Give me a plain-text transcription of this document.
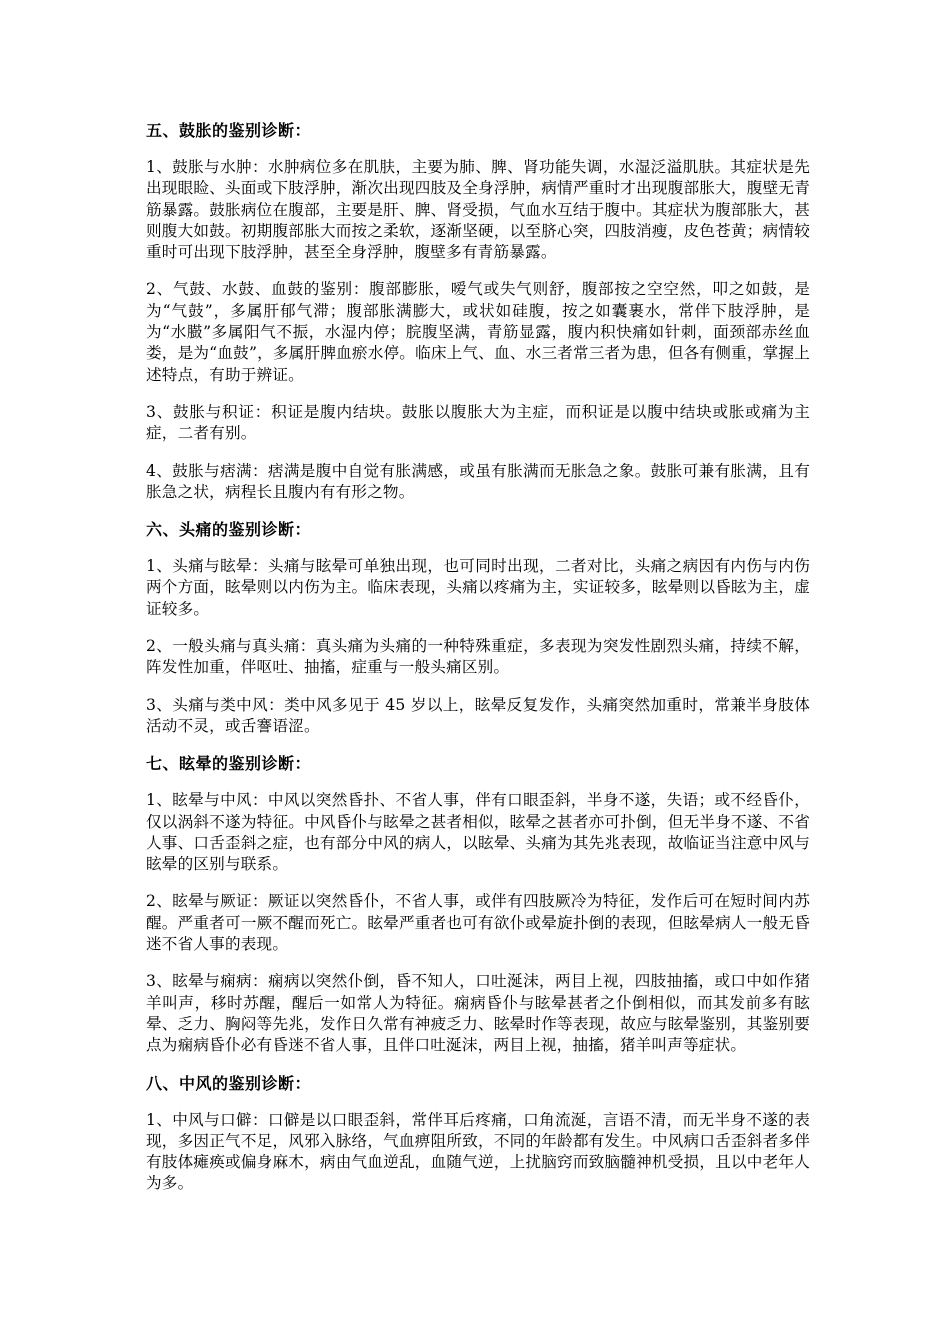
五、鼓胀的鉴别诊断：

1、鼓胀与水肿：水肿病位多在肌肤，主要为肺、脾、肾功能失调，水湿泛溢肌肤。其症状是先出现眼睑、头面或下肢浮肿，渐次出现四肢及全身浮肿，病情严重时才出现腹部胀大，腹壁无青筋暴露。鼓胀病位在腹部，主要是肝、脾、肾受损，气血水互结于腹中。其症状为腹部胀大，甚则腹大如鼓。初期腹部胀大而按之柔软，逐渐坚硬，以至脐心突，四肢消瘦，皮色苍黄；病情较重时可出现下肢浮肿，甚至全身浮肿，腹壁多有青筋暴露。

2、气鼓、水鼓、血鼓的鉴别：腹部膨胀，嗳气或失气则舒，腹部按之空空然，叩之如鼓，是为“气鼓”，多属肝郁气滞；腹部胀满膨大，或状如硅腹，按之如囊裹水，常伴下肢浮肿，是为“水臌”多属阳气不振，水湿内停；脘腹坚满，青筋显露，腹内积快痛如针刺，面颈部赤丝血娄，是为“血鼓”，多属肝脾血瘀水停。临床上气、血、水三者常三者为患，但各有侧重，掌握上述特点，有助于辨证。

3、鼓胀与积证：积证是腹内结块。鼓胀以腹胀大为主症，而积证是以腹中结块或胀或痛为主症，二者有别。

4、鼓胀与痞满：痞满是腹中自觉有胀满感，或虽有胀满而无胀急之象。鼓胀可兼有胀满，且有胀急之状，病程长且腹内有有形之物。

六、头痛的鉴别诊断：

1、头痛与眩晕：头痛与眩晕可单独出现，也可同时出现，二者对比，头痛之病因有内伤与内伤两个方面，眩晕则以内伤为主。临床表现，头痛以疼痛为主，实证较多，眩晕则以昏眩为主，虚证较多。

2、一般头痛与真头痛：真头痛为头痛的一种特殊重症，多表现为突发性剧烈头痛，持续不解，阵发性加重，伴呕吐、抽搐，症重与一般头痛区别。

3、头痛与类中风：类中风多见于 45 岁以上，眩晕反复发作，头痛突然加重时，常兼半身肢体活动不灵，或舌謇语涩。

七、眩晕的鉴别诊断：

1、眩晕与中风：中风以突然昏扑、不省人事，伴有口眼歪斜，半身不遂，失语；或不经昏仆，仅以涡斜不遂为特征。中风昏仆与眩晕之甚者相似，眩晕之甚者亦可扑倒，但无半身不遂、不省人事、口舌歪斜之症，也有部分中风的病人，以眩晕、头痛为其先兆表现，故临证当注意中风与眩晕的区别与联系。

2、眩晕与厥证：厥证以突然昏仆，不省人事，或伴有四肢厥冷为特征，发作后可在短时间内苏醒。严重者可一厥不醒而死亡。眩晕严重者也可有欲仆或晕旋扑倒的表现，但眩晕病人一般无昏迷不省人事的表现。

3、眩晕与痫病：痫病以突然仆倒，昏不知人，口吐涎沫，两目上视，四肢抽搐，或口中如作猪羊叫声，移时苏醒，醒后一如常人为特征。痫病昏仆与眩晕甚者之仆倒相似，而其发前多有眩晕、乏力、胸闷等先兆，发作日久常有神疲乏力、眩晕时作等表现，故应与眩晕鉴别，其鉴别要点为痫病昏仆必有昏迷不省人事，且伴口吐涎沫，两目上视，抽搐，猪羊叫声等症状。

八、中风的鉴别诊断：

1、中风与口僻：口僻是以口眼歪斜，常伴耳后疼痛，口角流涎，言语不清，而无半身不遂的表现，多因正气不足，风邪入脉络，气血痹阻所致，不同的年龄都有发生。中风病口舌歪斜者多伴有肢体瘫痪或偏身麻木，病由气血逆乱，血随气逆，上扰脑窍而致脑髓神机受损，且以中老年人为多。
